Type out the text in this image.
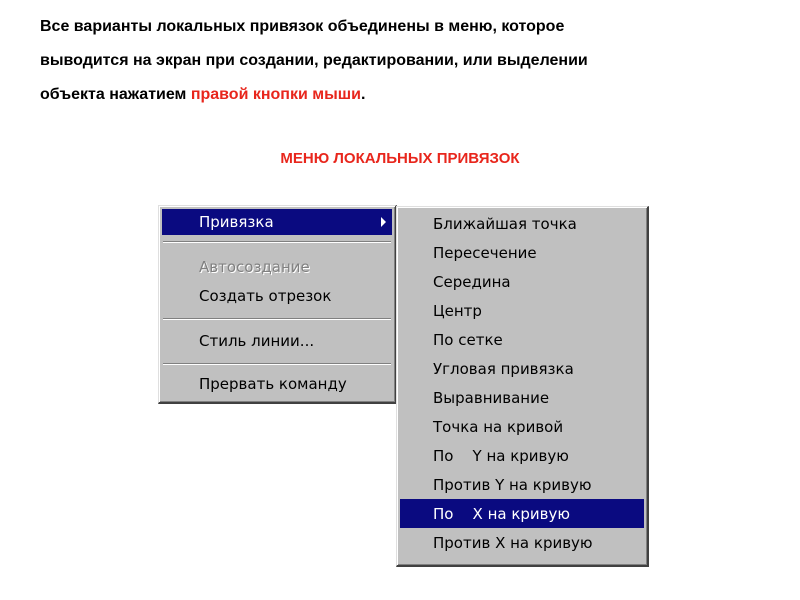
Все варианты локальных привязок объединены в меню, которое
выводится на экран при создании, редактировании, или выделении
объекта нажатием правой кнопки мыши.
МЕНЮ ЛОКАЛЬНЫХ ПРИВЯЗОК
Привязка
Автосоздание
Создать отрезок
Стиль линии...
Прервать команду
Ближайшая точка
Пересечение
Середина
Центр
По сетке
Угловая привязка
Выравнивание
Точка на кривой
По    Y на кривую
Против Y на кривую
По    X на кривую
Против X на кривую
